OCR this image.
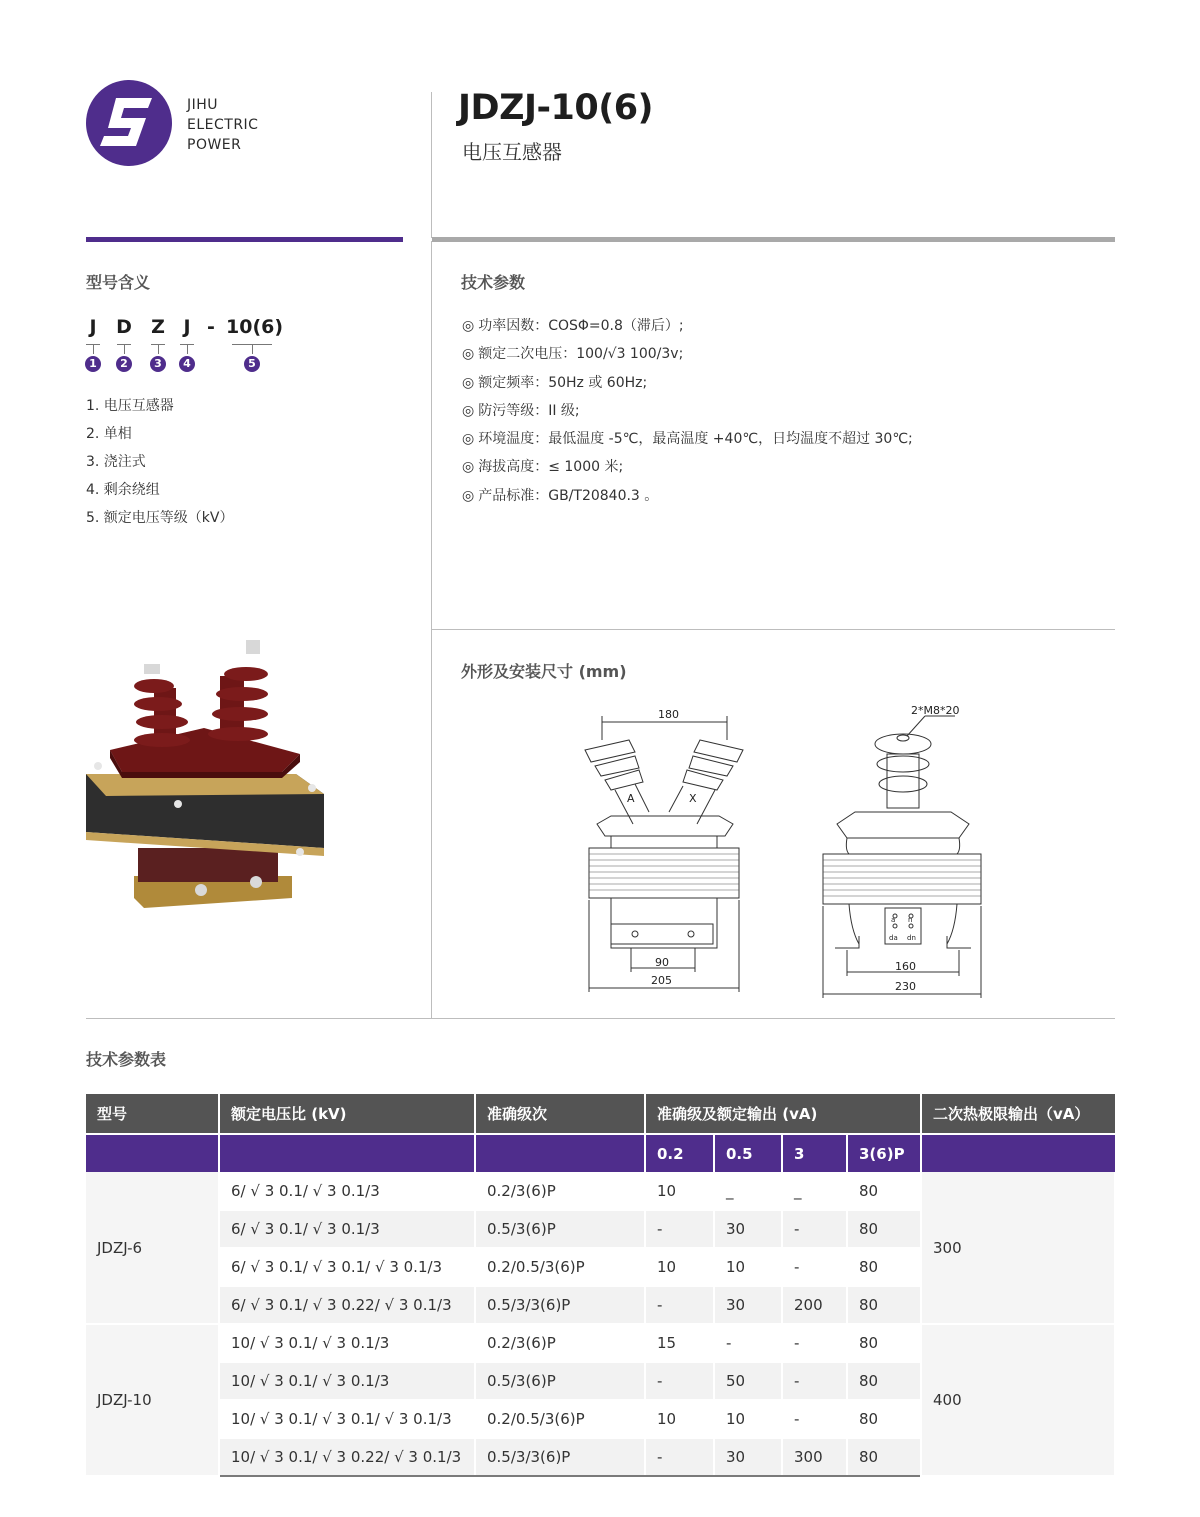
JIHU
ELECTRIC
POWER
JDZJ-10(6)
电压互感器
型号含义
J D Z J - 10(6)
1	2	3	4	5
1. 电压互感器
2. 单相
3. 浇注式
4. 剩余绕组
5. 额定电压等级（kV）
技术参数
◎ 功率因数：COSΦ=0.8（滞后）;
◎ 额定二次电压：100/√3 100/3v;
◎ 额定频率：50Hz 或 60Hz;
◎ 防污等级：II 级;
◎ 环境温度：最低温度 -5℃，最高温度 +40℃，日均温度不超过 30℃;
◎ 海拔高度：≤ 1000 米;
◎ 产品标准：GB/T20840.3 。
外形及安装尺寸 (mm)
180
A	X
90
205
2*M8*20
a n
da dn
160
230
技术参数表
型号	额定电压比 (kV)	准确级次	准确级及额定输出 (vA)				二次热极限输出（vA）
			0.2	0.5	3	3(6)P	
JDZJ-6	6/ √ 3 0.1/ √ 3 0.1/3	0.2/3(6)P	10	_	_	80	300
	6/ √ 3 0.1/ √ 3 0.1/3	0.5/3(6)P	-	30	-	80	
	6/ √ 3 0.1/ √ 3 0.1/ √ 3 0.1/3	0.2/0.5/3(6)P	10	10	-	80	
	6/ √ 3 0.1/ √ 3 0.22/ √ 3 0.1/3	0.5/3/3(6)P	-	30	200	80	
JDZJ-10	10/ √ 3 0.1/ √ 3 0.1/3	0.2/3(6)P	15	-	-	80	400
	10/ √ 3 0.1/ √ 3 0.1/3	0.5/3(6)P	-	50	-	80	
	10/ √ 3 0.1/ √ 3 0.1/ √ 3 0.1/3	0.2/0.5/3(6)P	10	10	-	80	
	10/ √ 3 0.1/ √ 3 0.22/ √ 3 0.1/3	0.5/3/3(6)P	-	30	300	80	
